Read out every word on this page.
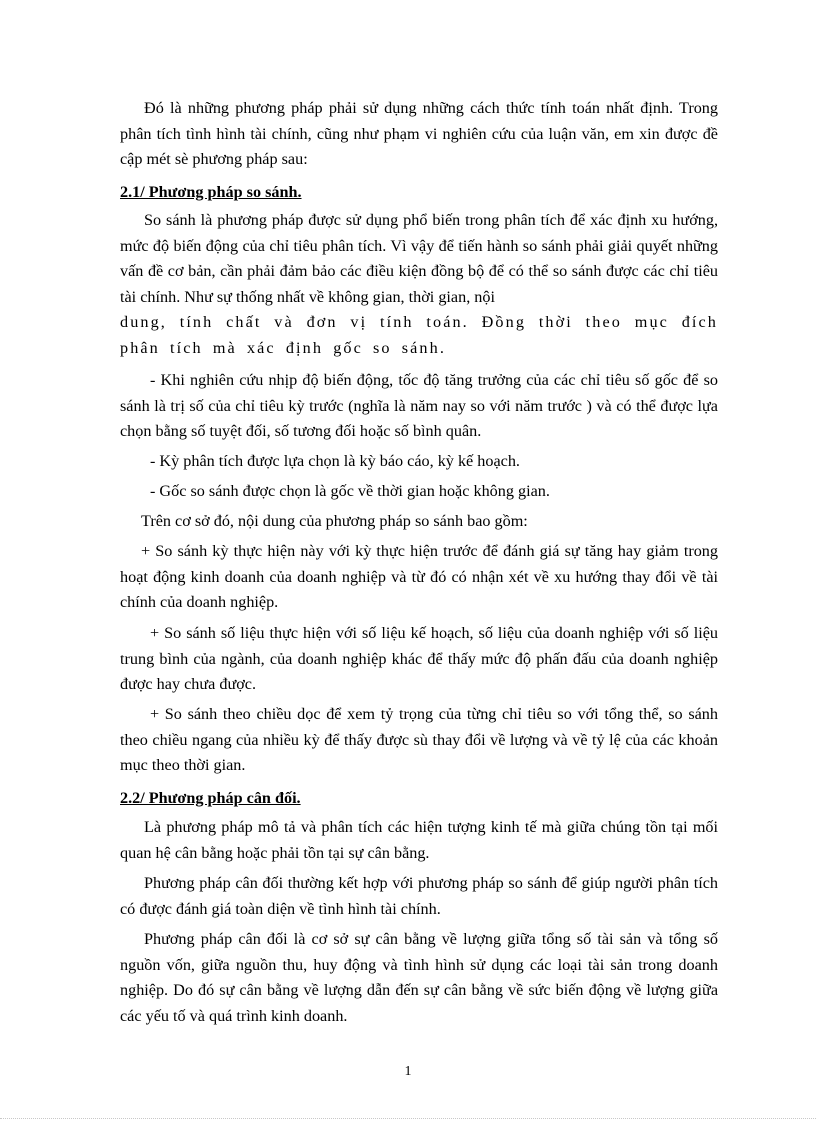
Đó là những phương pháp phải sử dụng những cách thức tính toán nhất định. Trong phân tích tình hình tài chính, cũng như phạm vi nghiên cứu của luận văn, em xin được đề cập mét sè phương pháp sau:

2.1/ Phương pháp so sánh.

So sánh là phương pháp được sử dụng phổ biến trong phân tích để xác định xu hướng, mức độ biến động của chỉ tiêu phân tích. Vì vậy để tiến hành so sánh phải giải quyết những vấn đề cơ bản, cần phải đảm bảo các điều kiện đồng bộ để có thể so sánh được các chỉ tiêu tài chính. Như sự thống nhất về không gian, thời gian, nội

dung, tính chất và đơn vị tính toán. Đồng thời theo mục đích phân tích mà xác định gốc so sánh.

- Khi nghiên cứu nhịp độ biến động, tốc độ tăng trưởng của các chỉ tiêu số gốc để so sánh là trị số của chỉ tiêu kỳ trước (nghĩa là năm nay so với năm trước ) và có thể được lựa chọn bằng số tuyệt đối, số tương đối hoặc số bình quân.

- Kỳ phân tích được lựa chọn là kỳ báo cáo, kỳ kế hoạch.

- Gốc so sánh được chọn là gốc về thời gian hoặc không gian.

Trên cơ sở đó, nội dung của phương pháp so sánh bao gồm:

+ So sánh kỳ thực hiện này với kỳ thực hiện trước để đánh giá sự tăng hay giảm trong hoạt động kinh doanh của doanh nghiệp và từ đó có nhận xét về xu hướng thay đổi về tài chính của doanh nghiệp.

+ So sánh số liệu thực hiện với số liệu kế hoạch, số liệu của doanh nghiệp với số liệu trung bình của ngành, của doanh nghiệp khác để thấy mức độ phấn đấu của doanh nghiệp được hay chưa được.

+ So sánh theo chiều dọc để xem tỷ trọng của từng chỉ tiêu so với tổng thể, so sánh theo chiều ngang của nhiều kỳ để thấy được sù thay đổi về lượng và về tỷ lệ của các khoản mục theo thời gian.

2.2/ Phương pháp cân đối.

Là phương pháp mô tả và phân tích các hiện tượng kinh tế mà giữa chúng tồn tại mối quan hệ cân bằng hoặc phải tồn tại sự cân bằng.

Phương pháp cân đối thường kết hợp với phương pháp so sánh để giúp người phân tích có được đánh giá toàn diện về tình hình tài chính.

Phương pháp cân đối là cơ sở sự cân bằng về lượng giữa tổng số tài sản và tổng số nguồn vốn, giữa nguồn thu, huy động và tình hình sử dụng các loại tài sản trong doanh nghiệp. Do đó sự cân bằng về lượng dẫn đến sự cân bằng về sức biến động về lượng giữa các yếu tố và quá trình kinh doanh.

1
